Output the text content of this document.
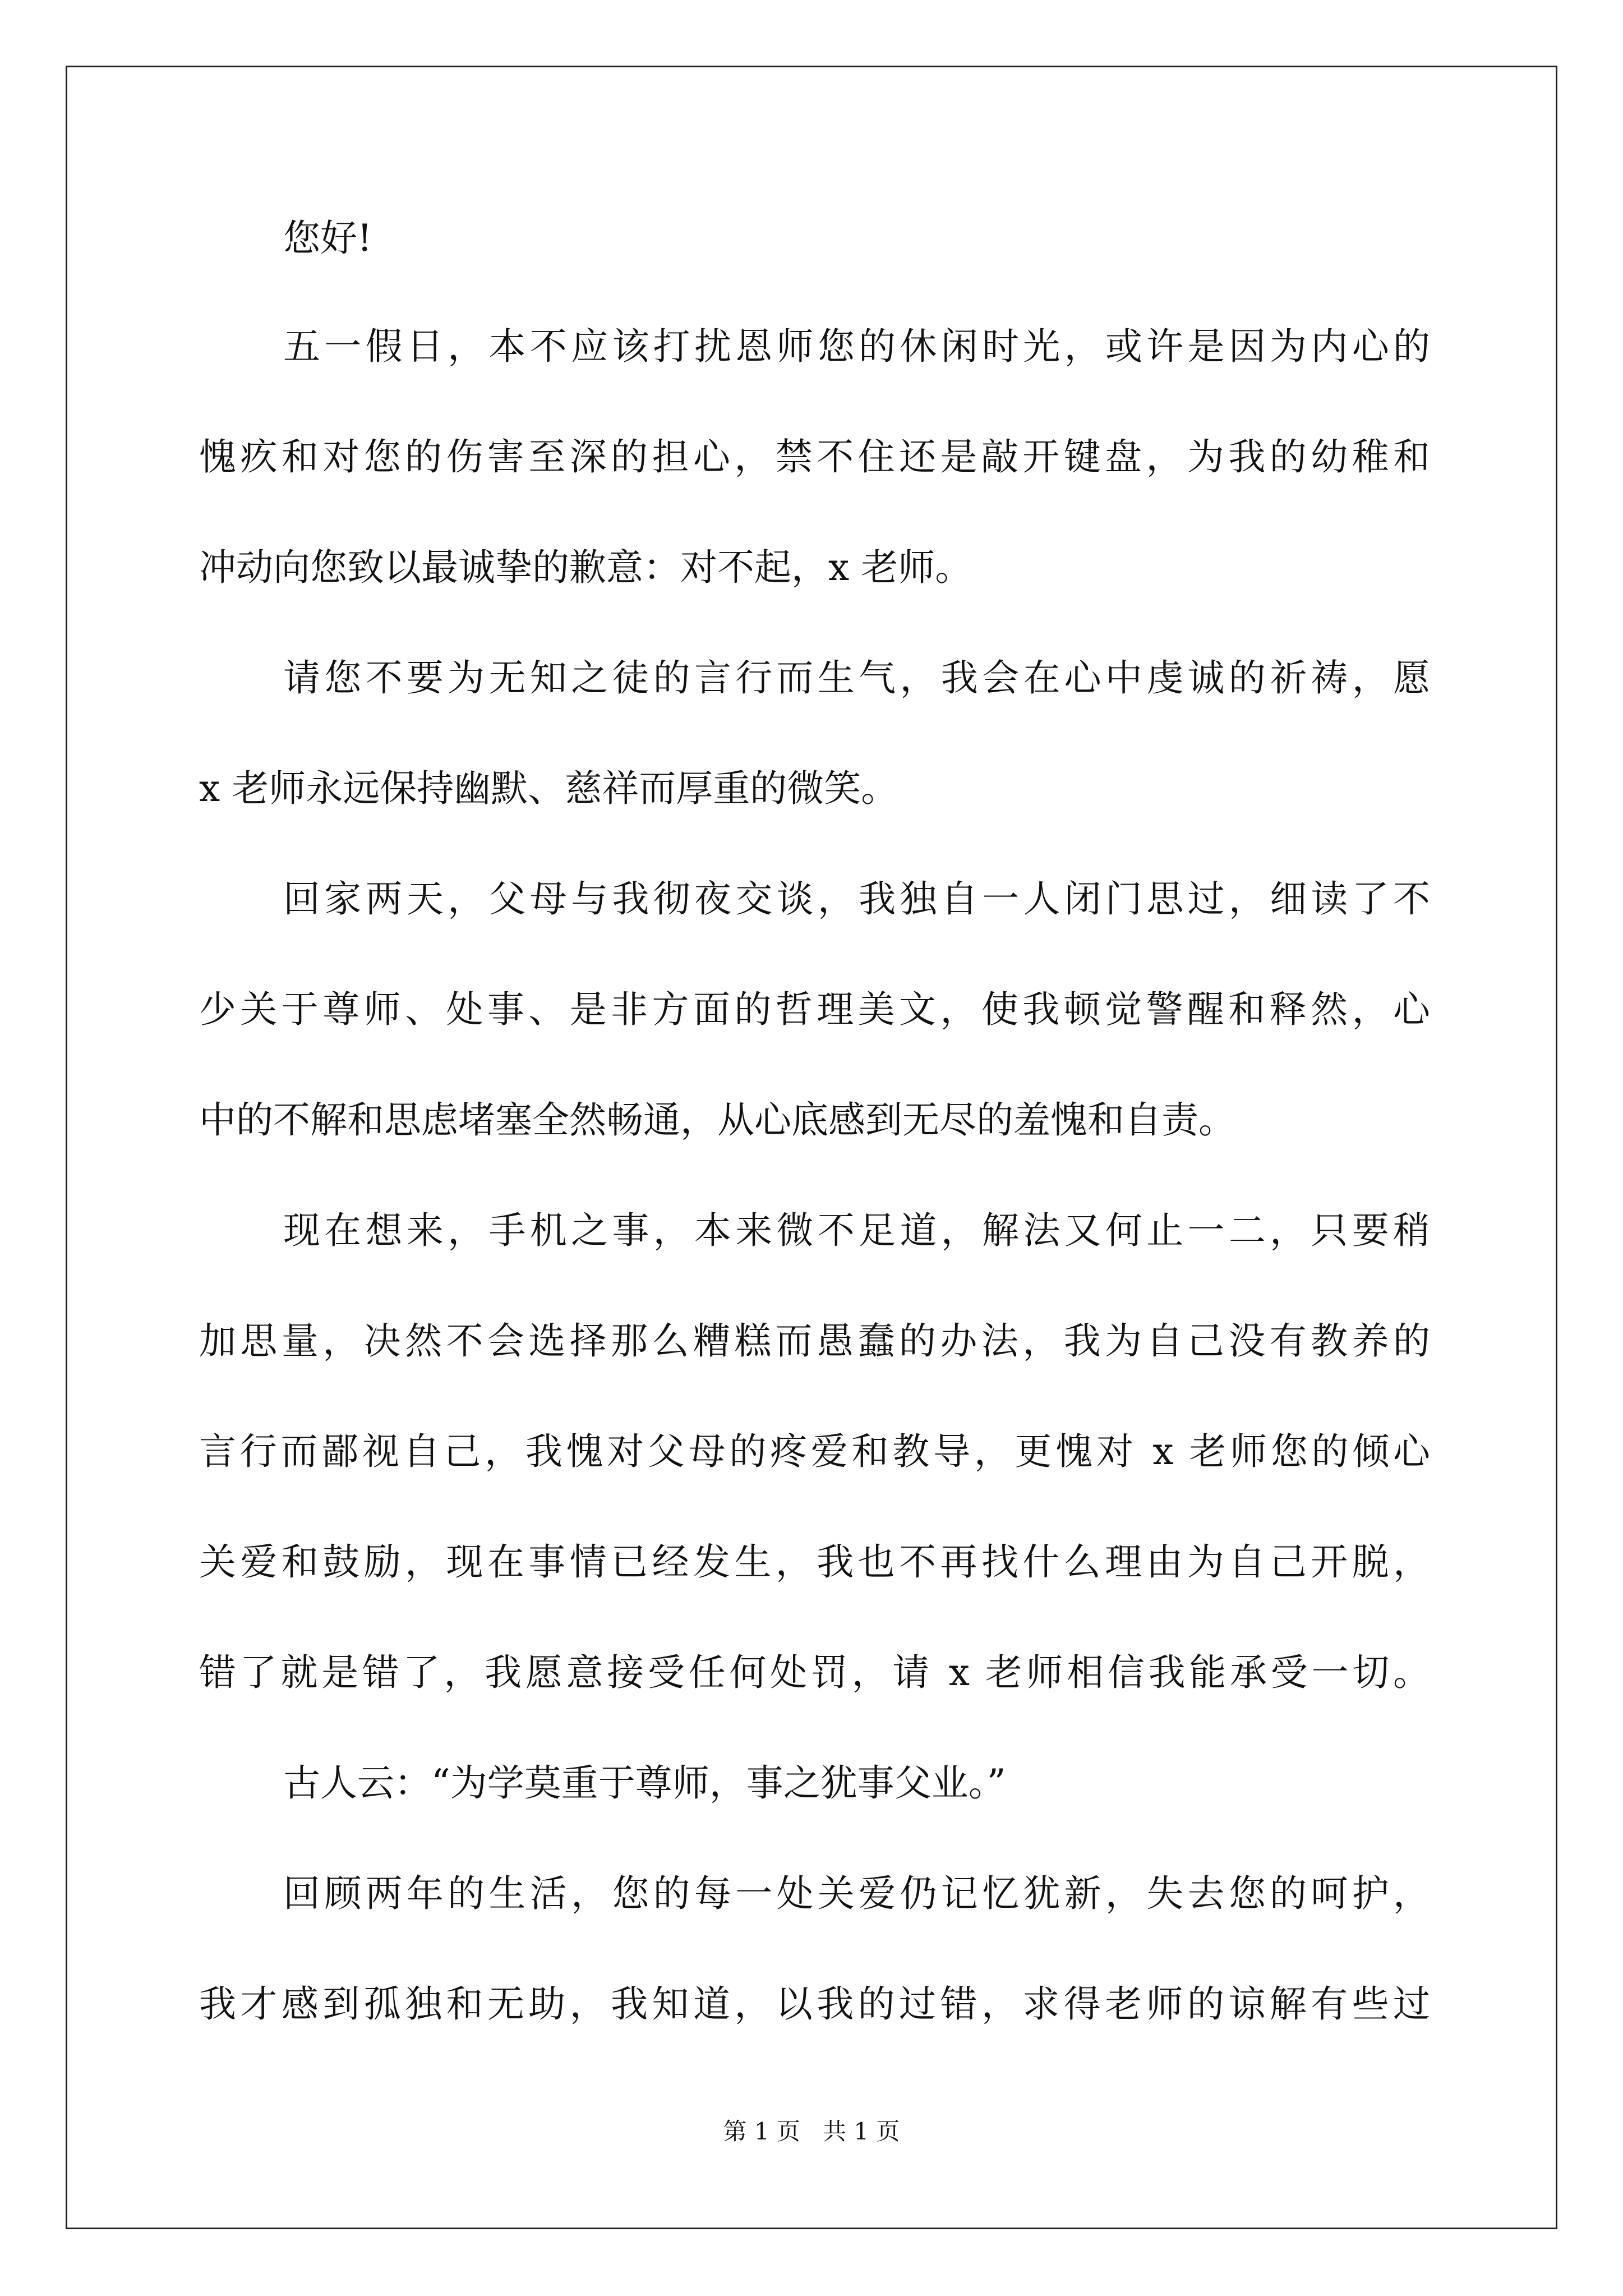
您好!
五一假日，本不应该打扰恩师您的休闲时光，或许是因为内心的
愧疚和对您的伤害至深的担心，禁不住还是敲开键盘，为我的幼稚和
冲动向您致以最诚挚的歉意：对不起，x 老师。
请您不要为无知之徒的言行而生气，我会在心中虔诚的祈祷，愿
x 老师永远保持幽默、慈祥而厚重的微笑。
回家两天，父母与我彻夜交谈，我独自一人闭门思过，细读了不
少关于尊师、处事、是非方面的哲理美文，使我顿觉警醒和释然，心
中的不解和思虑堵塞全然畅通，从心底感到无尽的羞愧和自责。
现在想来，手机之事，本来微不足道，解法又何止一二，只要稍
加思量，决然不会选择那么糟糕而愚蠢的办法，我为自己没有教养的
言行而鄙视自己，我愧对父母的疼爱和教导，更愧对 x 老师您的倾心
关爱和鼓励，现在事情已经发生，我也不再找什么理由为自己开脱，
错了就是错了，我愿意接受任何处罚，请 x 老师相信我能承受一切。
古人云：“为学莫重于尊师，事之犹事父业。”
回顾两年的生活，您的每一处关爱仍记忆犹新，失去您的呵护，
我才感到孤独和无助，我知道，以我的过错，求得老师的谅解有些过
第 1 页 共 1 页
